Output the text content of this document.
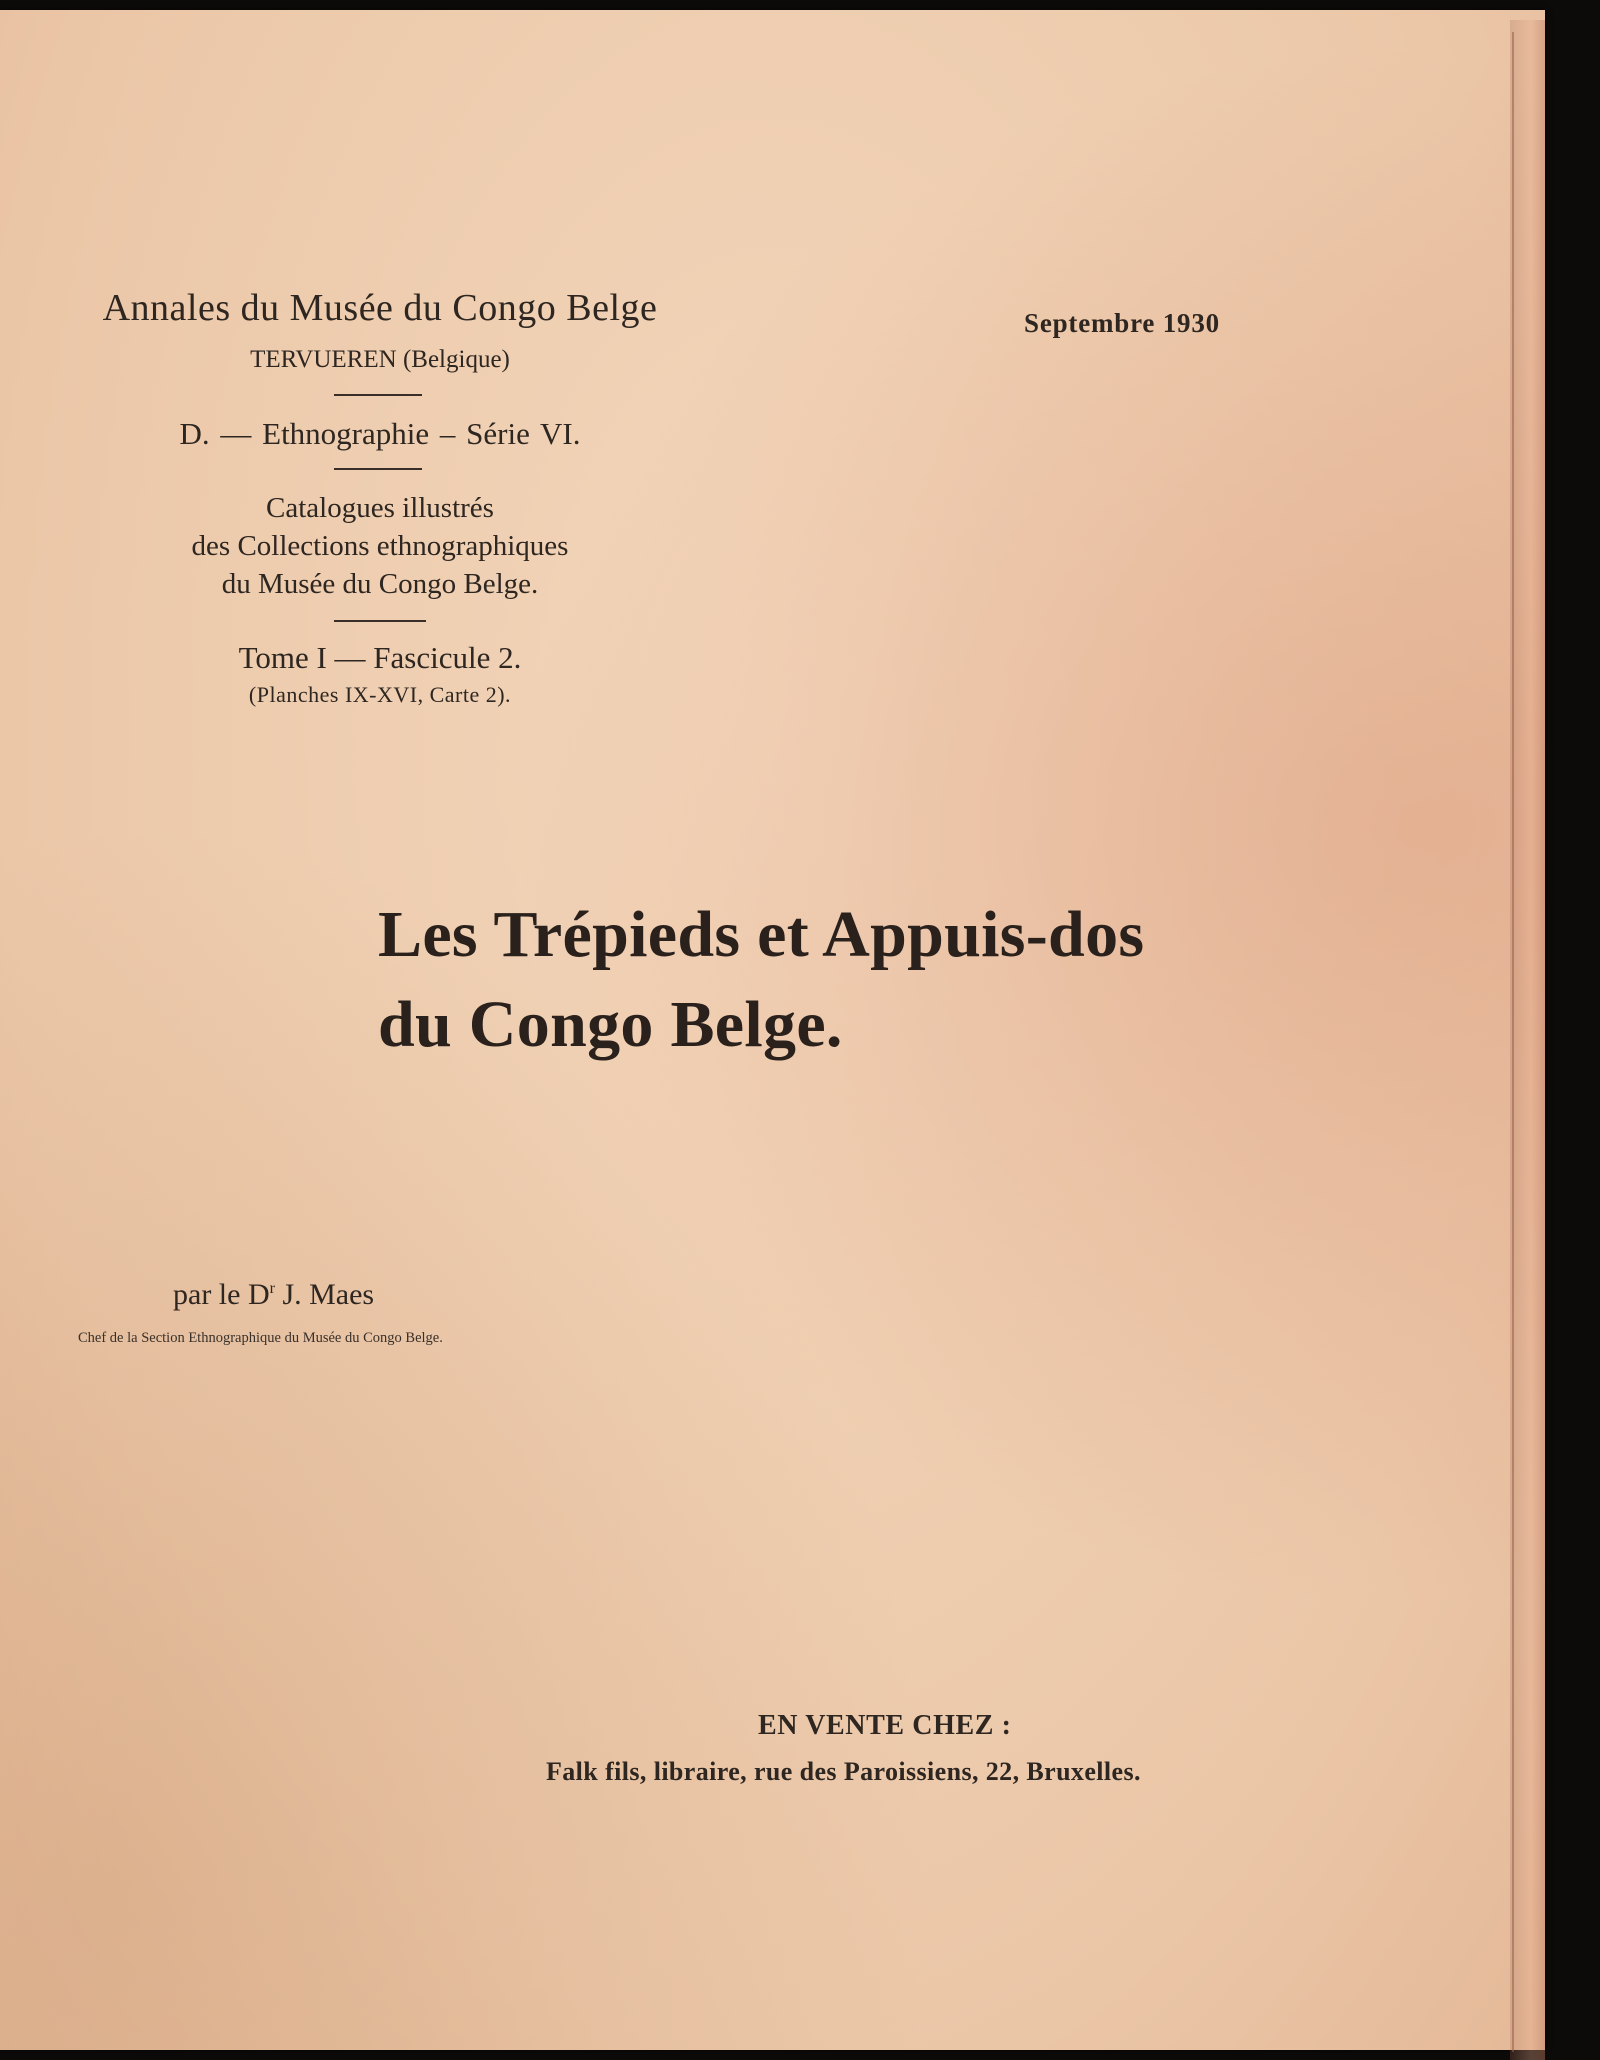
Annales du Musée du Congo Belge
TERVUEREN (Belgique)
D. — Ethnographie – Série VI.
Catalogues illustrés
des Collections ethnographiques
du Musée du Congo Belge.
Tome I — Fascicule 2.
(Planches IX-XVI, Carte 2).
Septembre 1930
Les Trépieds et Appuis-dos
du Congo Belge.
par le $D^r$ J. Maes
Chef de la Section Ethnographique du Musée du Congo Belge.
EN VENTE CHEZ :
Falk fils, libraire, rue des Paroissiens, 22, Bruxelles.
